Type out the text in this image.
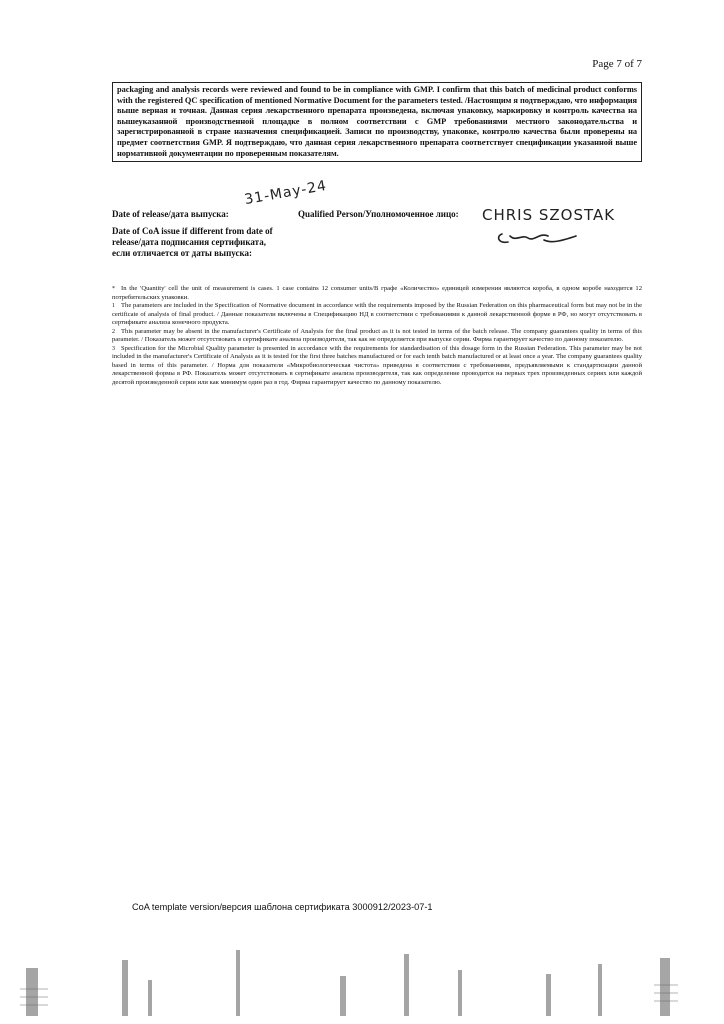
Page 7 of 7
packaging and analysis records were reviewed and found to be in compliance with GMP. I confirm that this batch of medicinal product conforms with the registered QC specification of mentioned Normative Document for the parameters tested. /Настоящим я подтверждаю, что информация выше верная и точная. Данная серия лекарственного препарата произведена, включая упаковку, маркировку и контроль качества на вышеуказанной производственной площадке в полном соответствии с GMP требованиями местного законодательства и зарегистрированной в стране назначения спецификацией. Записи по производству, упаковке, контролю качества были проверены на предмет соответствия GMP. Я подтверждаю, что данная серия лекарственного препарата соответствует спецификации указанной выше нормативной документации по проверенным показателям.
Date of release/дата выпуска:
31-May-24
Qualified Person/Уполномоченное лицо: CHRIS SZOSTAK
Date of CoA issue if different from date of release/дата подписания сертификата, если отличается от даты выпуска:

* In the 'Quantity' cell the unit of measurement is cases. 1 case contains 12 consumer units/В графе «Количество» единицей измерения являются короба, в одном коробе находится 12 потребительских упаковки.

1 The parameters are included in the Specification of Normative document in accordance with the requirements imposed by the Russian Federation on this pharmaceutical form but may not be in the certificate of analysis of final product. / Данные показатели включены в Спецификацию НД в соответствии с требованиями к данной лекарственной форме в РФ, но могут отсутствовать в сертификате анализа конечного продукта.

2 This parameter may be absent in the manufacturer's Certificate of Analysis for the final product as it is not tested in terms of the batch release. The company guarantees quality in terms of this parameter. / Показатель может отсутствовать в сертификате анализа производителя, так как не определяется при выпуске серии. Фирма гарантирует качество по данному показателю.

3 Specification for the Microbial Quality parameter is presented in accordance with the requirements for standardisation of this dosage form in the Russian Federation. This parameter may be not included in the manufacturer's Certificate of Analysis as it is tested for the first three batches manufactured or for each tenth batch manufactured or at least once a year. The company guarantees quality based in terms of this parameter. / Норма для показателя «Микробиологическая чистота» приведена в соответствии с требованиями, предъявляемыми к стандартизации данной лекарственной формы в РФ. Показатель может отсутствовать в сертификате анализа производителя, так как определение проводится на первых трех произведенных сериях или каждой десятой произведенной серии или как минимум один раз в год. Фирма гарантирует качество по данному показателю.

CoA template version/версия шаблона сертификата 3000912/2023-07-1
